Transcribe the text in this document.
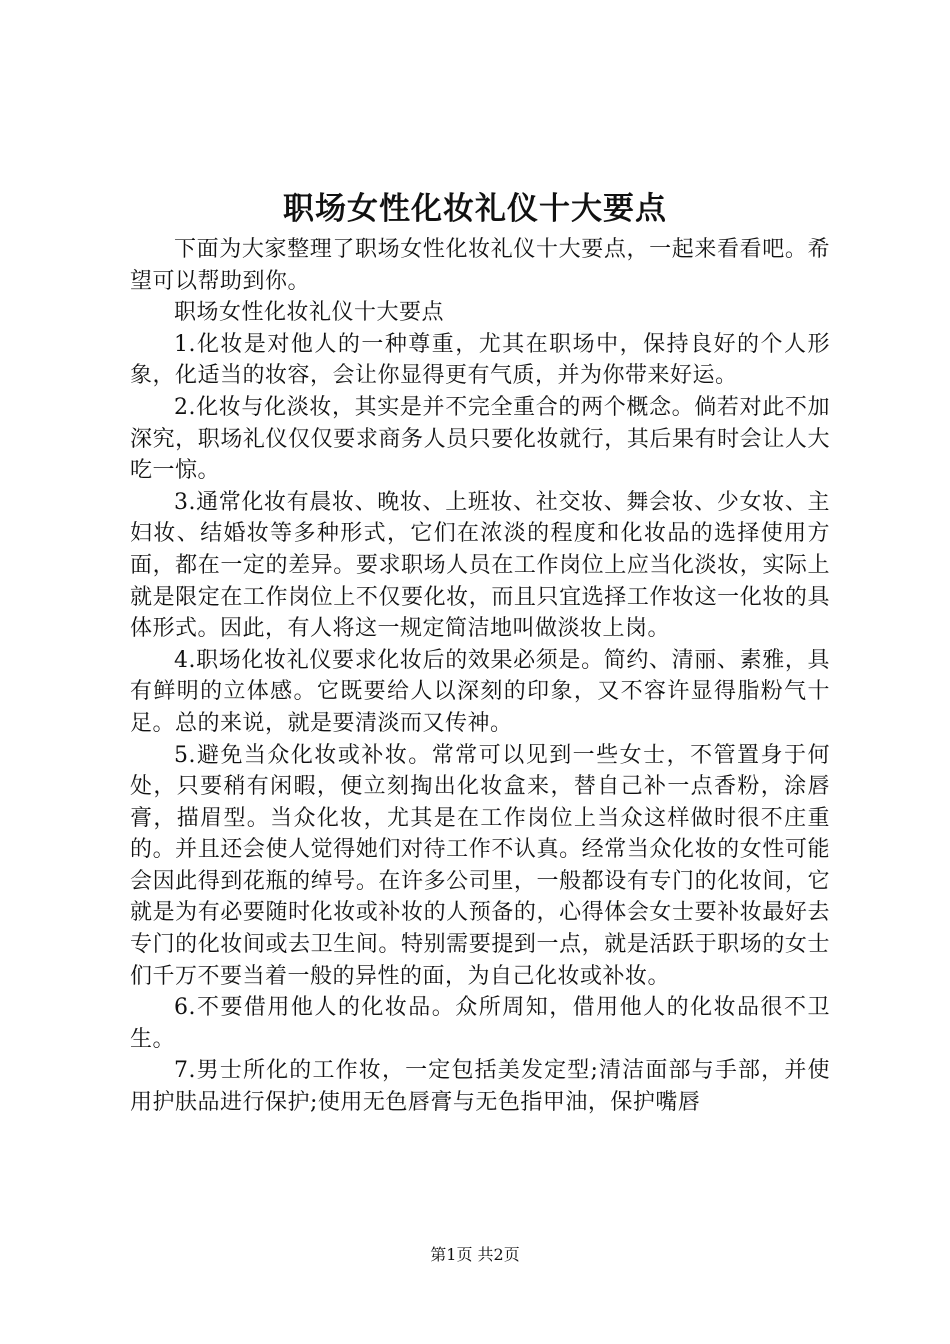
职场女性化妆礼仪十大要点

下面为大家整理了职场女性化妆礼仪十大要点，一起来看看吧。希望可以帮助到你。

职场女性化妆礼仪十大要点

1.化妆是对他人的一种尊重，尤其在职场中，保持良好的个人形象，化适当的妆容，会让你显得更有气质，并为你带来好运。

2.化妆与化淡妆，其实是并不完全重合的两个概念。倘若对此不加深究，职场礼仪仅仅要求商务人员只要化妆就行，其后果有时会让人大吃一惊。

3.通常化妆有晨妆、晚妆、上班妆、社交妆、舞会妆、少女妆、主妇妆、结婚妆等多种形式，它们在浓淡的程度和化妆品的选择使用方面，都在一定的差异。要求职场人员在工作岗位上应当化淡妆，实际上就是限定在工作岗位上不仅要化妆，而且只宜选择工作妆这一化妆的具体形式。因此，有人将这一规定简洁地叫做淡妆上岗。

4.职场化妆礼仪要求化妆后的效果必须是。简约、清丽、素雅，具有鲜明的立体感。它既要给人以深刻的印象，又不容许显得脂粉气十足。总的来说，就是要清淡而又传神。

5.避免当众化妆或补妆。常常可以见到一些女士，不管置身于何处，只要稍有闲暇，便立刻掏出化妆盒来，替自己补一点香粉，涂唇膏，描眉型。当众化妆，尤其是在工作岗位上当众这样做时很不庄重的。并且还会使人觉得她们对待工作不认真。经常当众化妆的女性可能会因此得到花瓶的绰号。在许多公司里，一般都设有专门的化妆间，它就是为有必要随时化妆或补妆的人预备的，心得体会女士要补妆最好去专门的化妆间或去卫生间。特别需要提到一点，就是活跃于职场的女士们千万不要当着一般的异性的面，为自己化妆或补妆。

6.不要借用他人的化妆品。众所周知，借用他人的化妆品很不卫生。

7.男士所化的工作妆，一定包括美发定型;清洁面部与手部，并使用护肤品进行保护;使用无色唇膏与无色指甲油，保护嘴唇

第1页 共2页
